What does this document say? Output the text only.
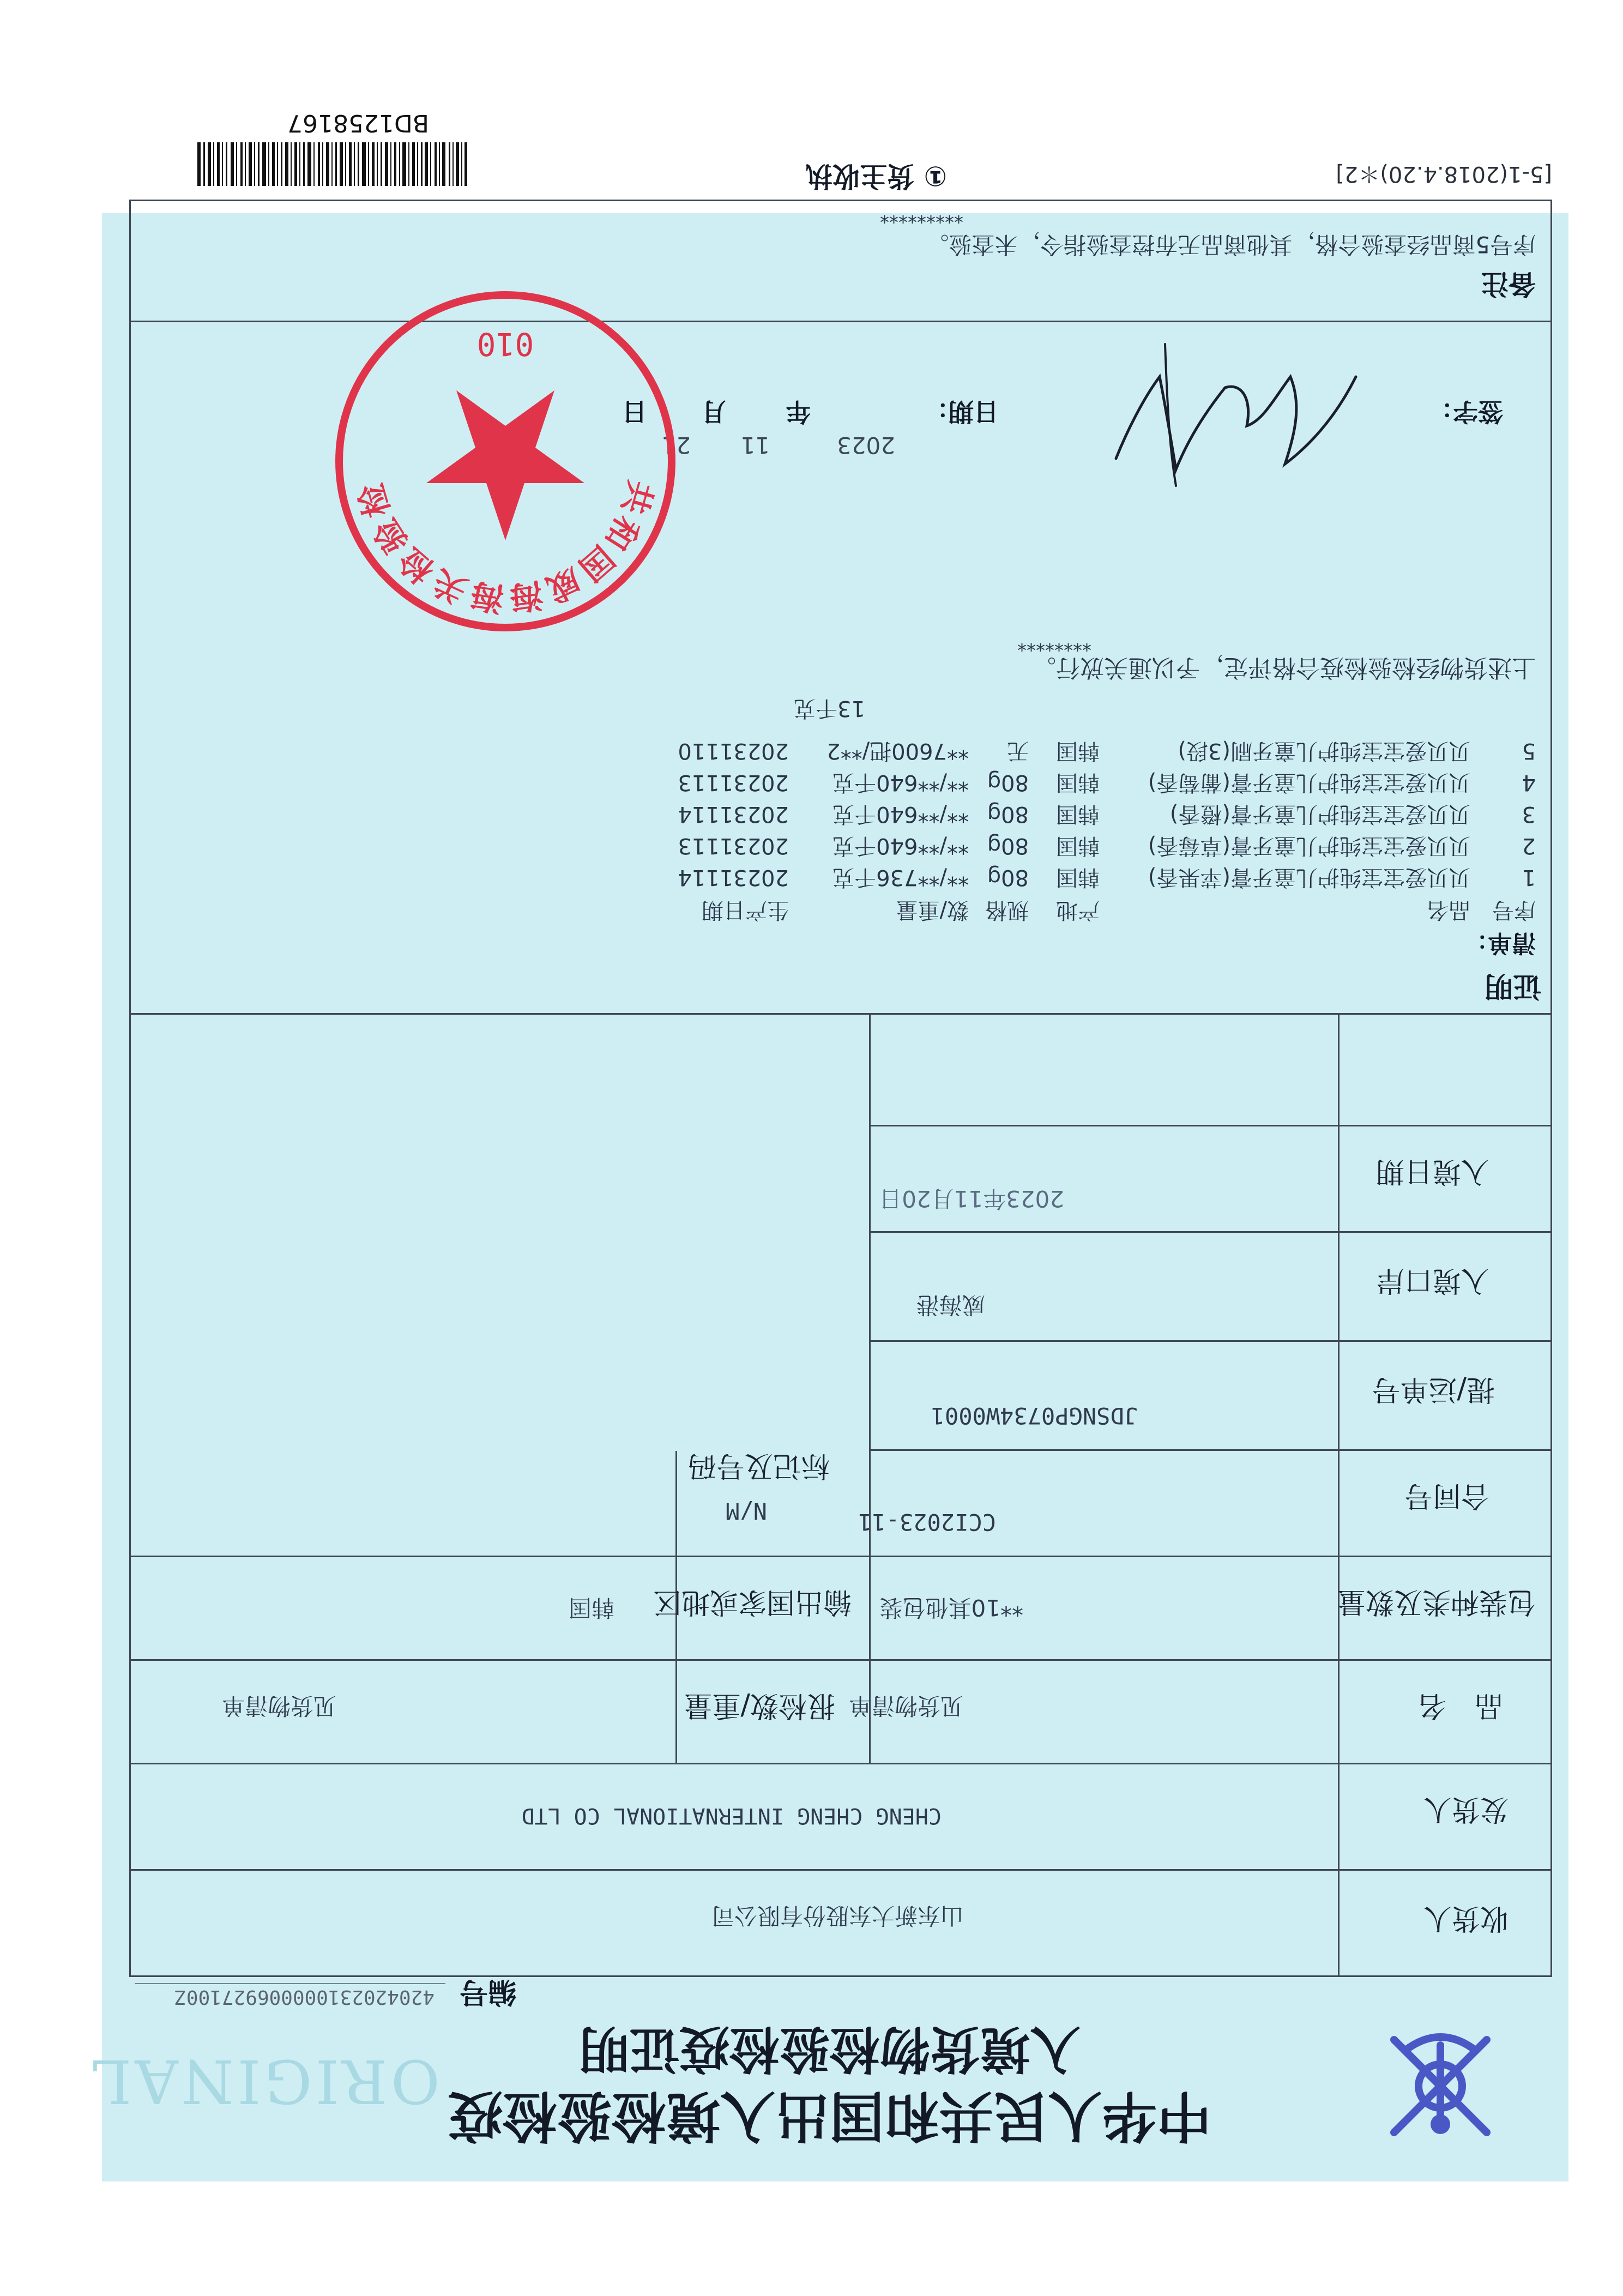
[5-1(2018.4.20)＊2]
① 货主收执
BD1258167
ORIGINAL 中华人民共和国出入境检验检疫
入境货物检验检疫证明
编号
420420231000006927100Z
收货人
山东新大东股份有限公司
发货人
CHENG CHENG INTERNATIONAL CO LTD
品　名
见货物清单
报检数/重量
见货物清单
包装种类及数量
**10其他包装
输出国家或地区
韩国
合同号
CCI2023-11
标记及号码
N/M
提/运单号
JDSNGP0734W0001
入境口岸
威海港
入境日期
2023年11月20日
证明
清单：
序号品名产地规格数/重量生产日期
1贝贝爱宝宝纯护儿童牙膏(苹果香)韩国80g**/**736千克20231114
2贝贝爱宝宝纯护儿童牙膏(草莓香)韩国80g**/**640千克20231113
3贝贝爱宝宝纯护儿童牙膏(橙香)韩国80g**/**640千克20231114
4贝贝爱宝宝纯护儿童牙膏(葡萄香)韩国80g**/**640千克20231113
5贝贝爱宝宝纯护儿童牙刷(3段)韩国无**7600把/**220231110
13千克
上述货物经检验检疫合格评定，予以通关放行。
********
签字：
日期：
2023
年
11
月
21
日
共和国威海海关检验检
010
备注
序号5商品经查验合格，其他商品无布控查验指令，未查验。
*********
